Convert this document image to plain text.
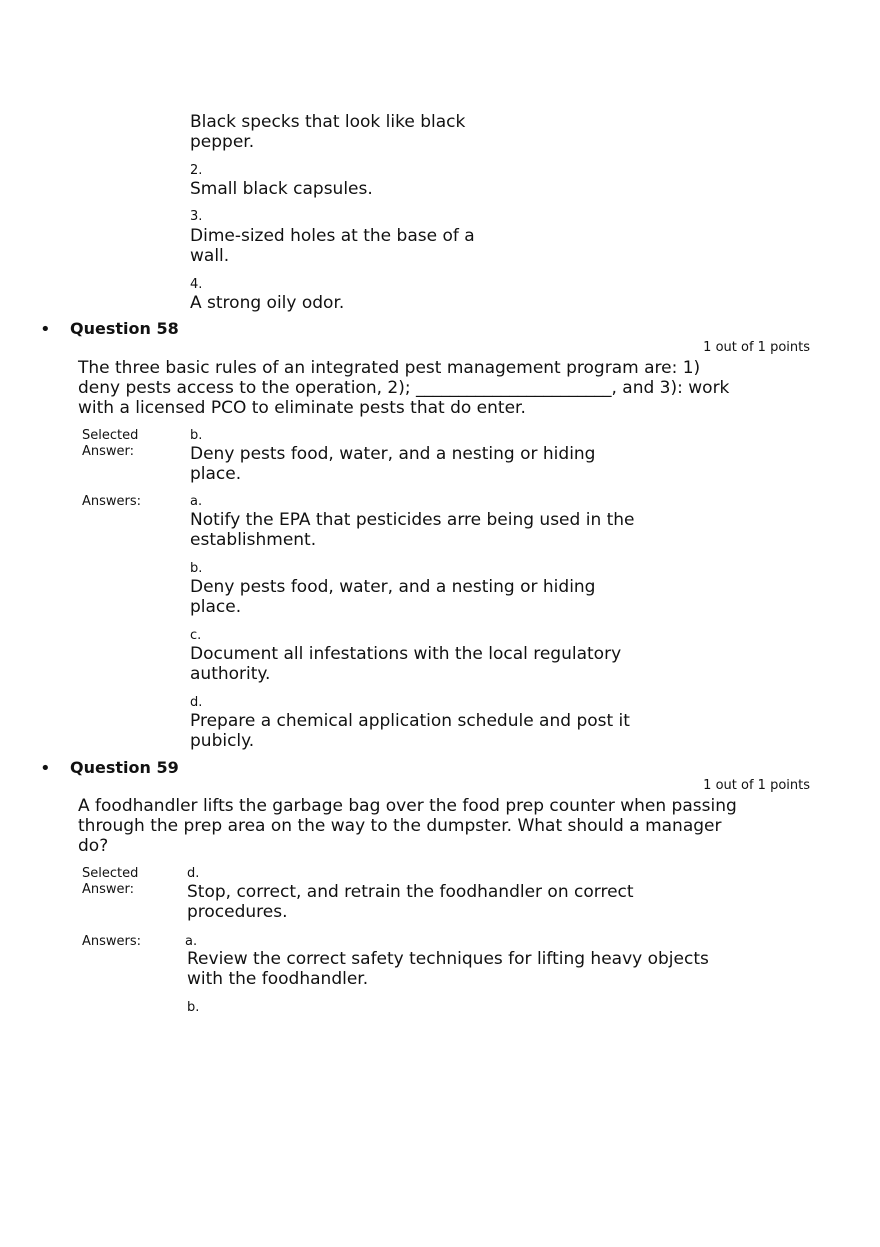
Black specks that look like black pepper.
2.
Small black capsules.
3.
Dime-sized holes at the base of a wall.
4.
A strong oily odor.
• Question 58
1 out of 1 points
The three basic rules of an integrated pest management program are: 1) deny pests access to the operation, 2); _______________________, and 3): work with a licensed PCO to eliminate pests that do enter.
Selected Answer:
b.
Deny pests food, water, and a nesting or hiding place.
Answers:	a.
Notify the EPA that pesticides arre being used in the establishment.
b.
Deny pests food, water, and a nesting or hiding place.
c.
Document all infestations with the local regulatory authority.
d.
Prepare a chemical application schedule and post it pubicly.
• Question 59
1 out of 1 points
A foodhandler lifts the garbage bag over the food prep counter when passing through the prep area on the way to the dumpster. What should a manager do?
Selected Answer:
d.
Stop, correct, and retrain the foodhandler on correct procedures.
Answers:	a.
Review the correct safety techniques for lifting heavy objects with the foodhandler.
b.
